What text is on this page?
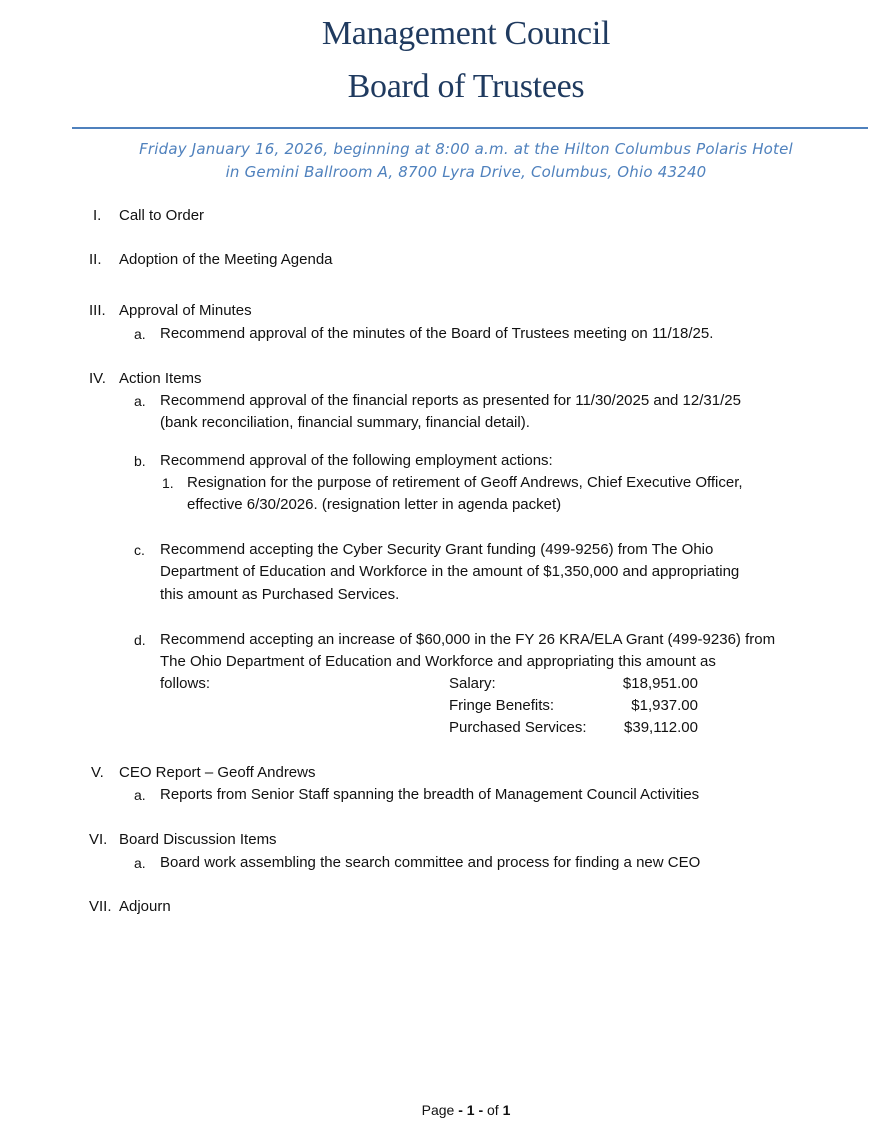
Management Council
Board of Trustees
Friday January 16, 2026, beginning at 8:00 a.m. at the Hilton Columbus Polaris Hotel
in Gemini Ballroom A, 8700 Lyra Drive, Columbus, Ohio 43240
I. Call to Order
II. Adoption of the Meeting Agenda
III. Approval of Minutes
a. Recommend approval of the minutes of the Board of Trustees meeting on 11/18/25.
IV. Action Items
a. Recommend approval of the financial reports as presented for 11/30/2025 and 12/31/25
(bank reconciliation, financial summary, financial detail).
b. Recommend approval of the following employment actions:
1. Resignation for the purpose of retirement of Geoff Andrews, Chief Executive Officer,
effective 6/30/2026. (resignation letter in agenda packet)
c. Recommend accepting the Cyber Security Grant funding (499-9256) from The Ohio
Department of Education and Workforce in the amount of $1,350,000 and appropriating
this amount as Purchased Services.
d. Recommend accepting an increase of $60,000 in the FY 26 KRA/ELA Grant (499-9236) from
The Ohio Department of Education and Workforce and appropriating this amount as
follows:	Salary:	$18,951.00
Fringe Benefits:	$1,937.00
Purchased Services:	$39,112.00
V. CEO Report – Geoff Andrews
a. Reports from Senior Staff spanning the breadth of Management Council Activities
VI. Board Discussion Items
a. Board work assembling the search committee and process for finding a new CEO
VII. Adjourn
Page - 1 - of 1
